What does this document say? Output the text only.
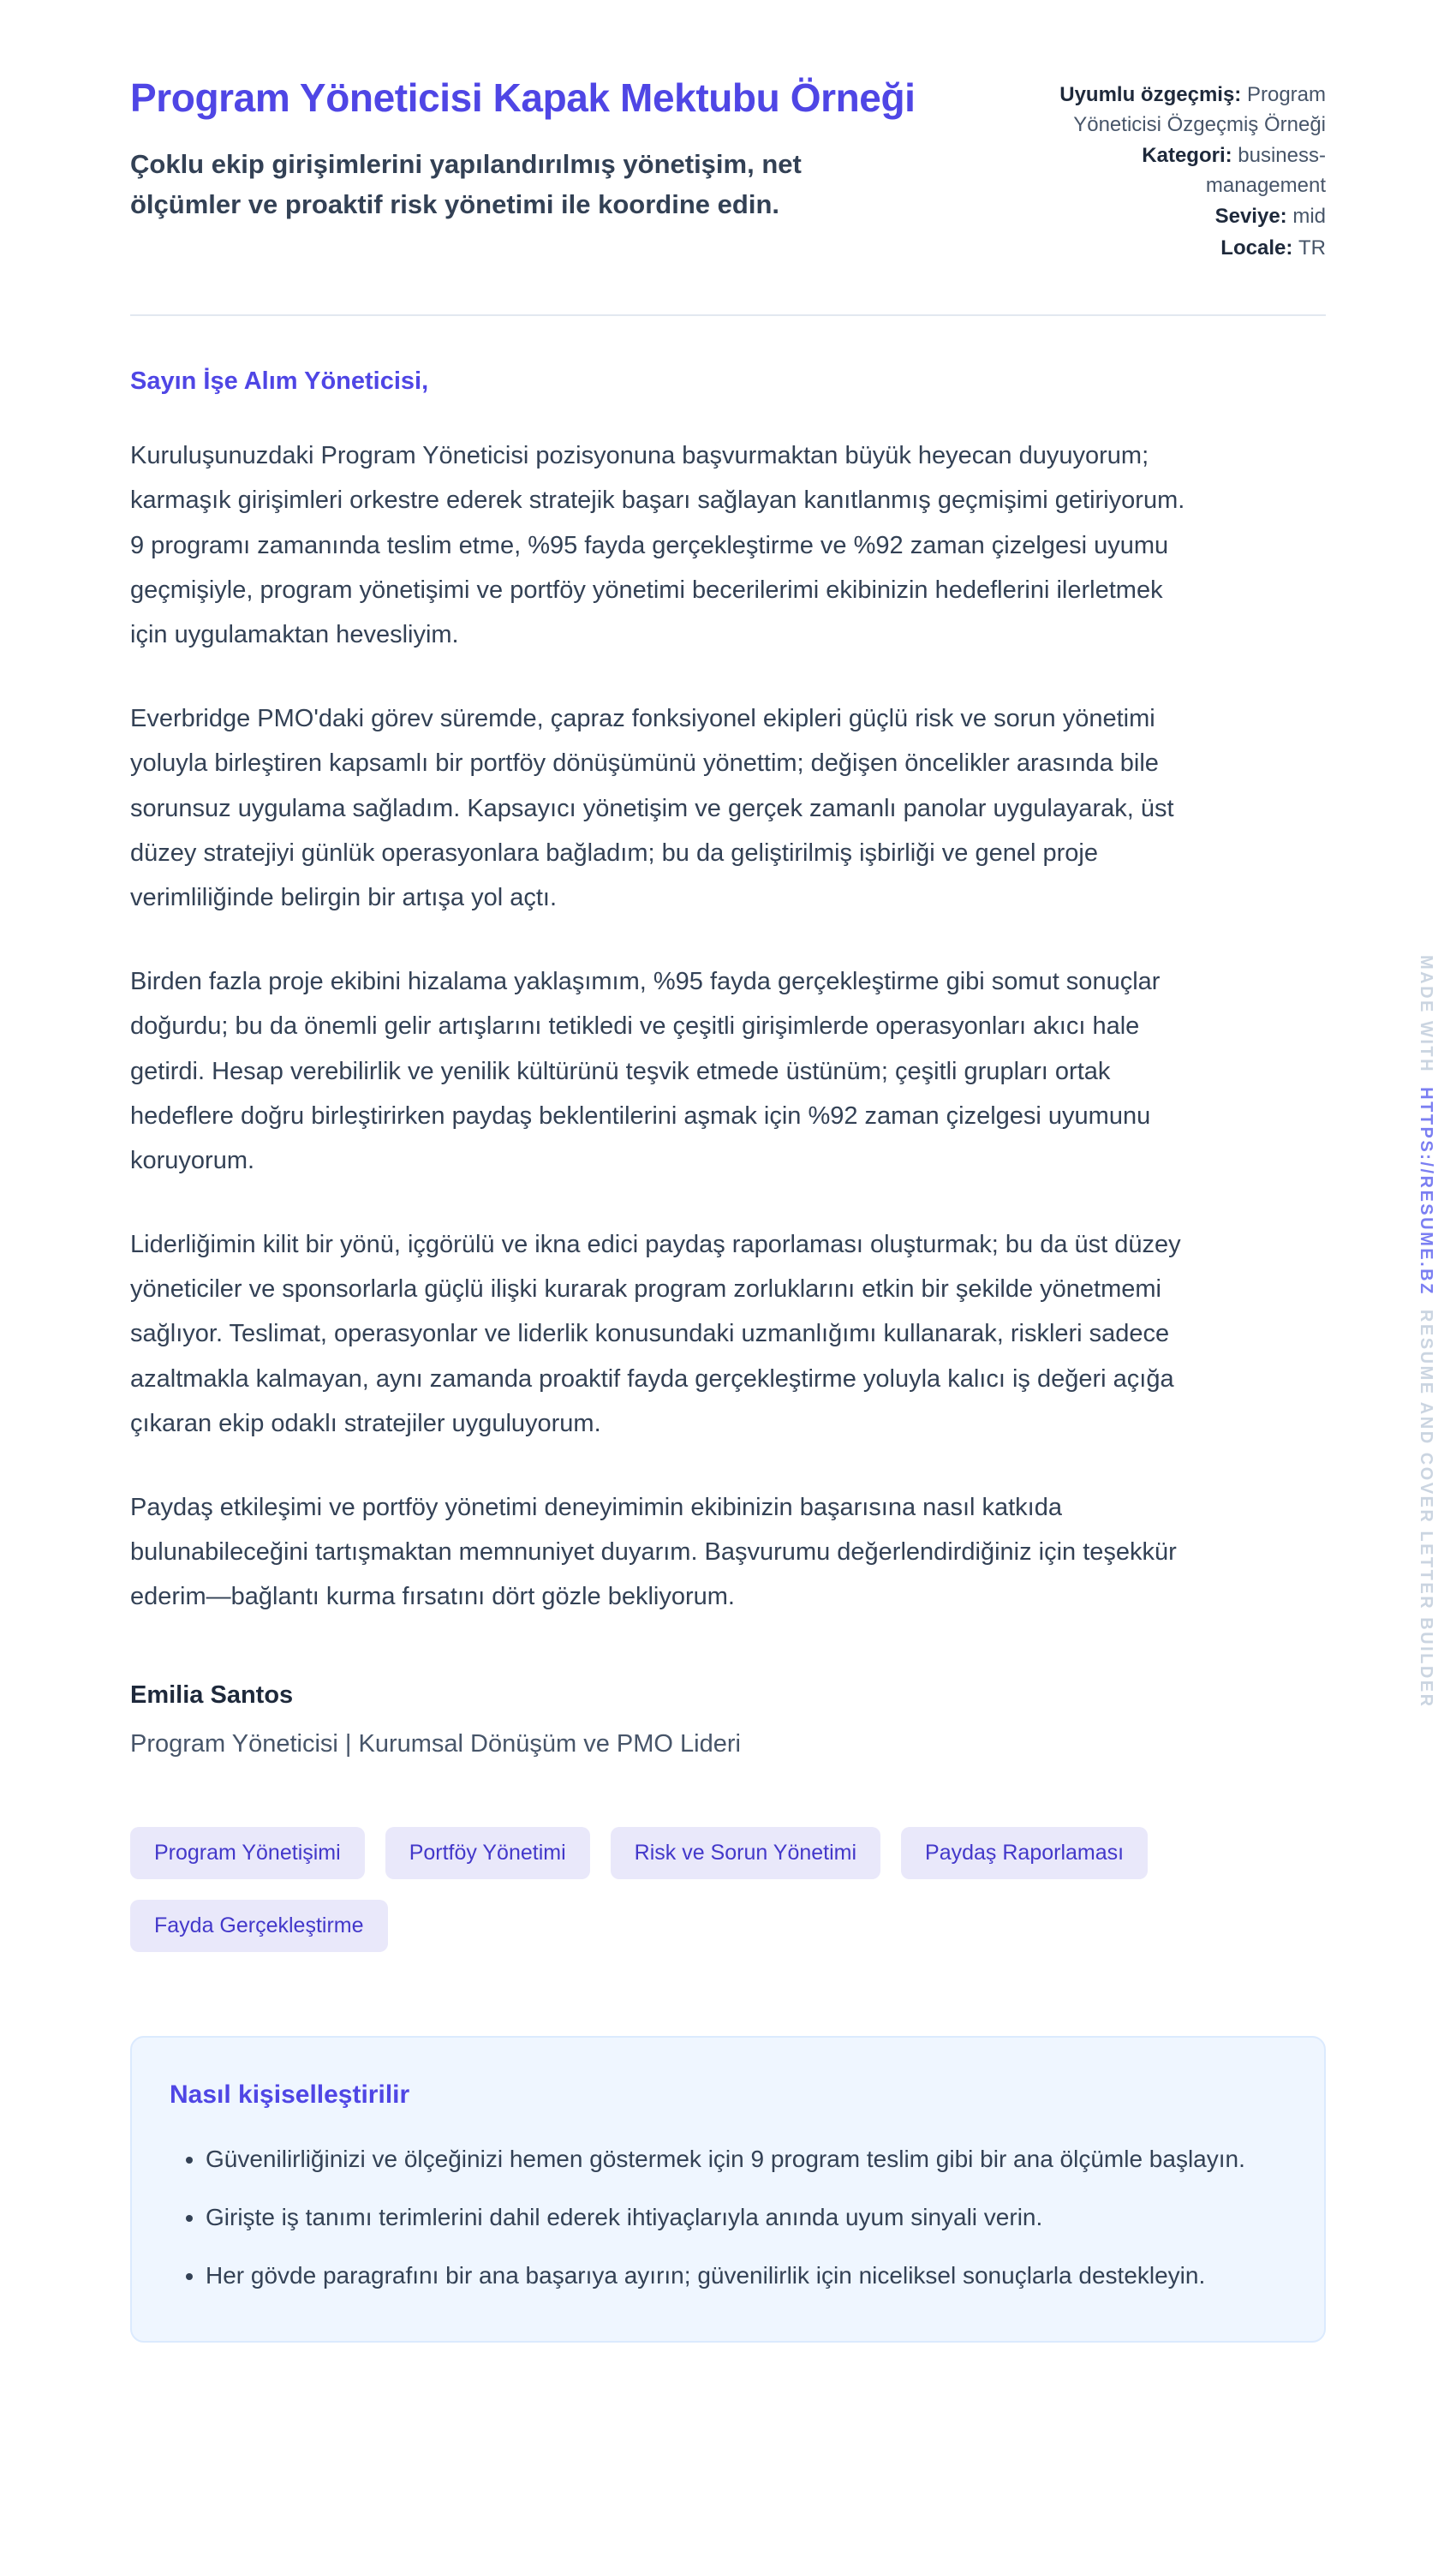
Program Yöneticisi Kapak Mektubu Örneği

Çoklu ekip girişimlerini yapılandırılmış yönetişim, net ölçümler ve proaktif risk yönetimi ile koordine edin.

Uyumlu özgeçmiş: Program Yöneticisi Özgeçmiş Örneği
Kategori: business-management
Seviye: mid
Locale: TR

Sayın İşe Alım Yöneticisi,

Kuruluşunuzdaki Program Yöneticisi pozisyonuna başvurmaktan büyük heyecan duyuyorum; karmaşık girişimleri orkestre ederek stratejik başarı sağlayan kanıtlanmış geçmişimi getiriyorum. 9 programı zamanında teslim etme, %95 fayda gerçekleştirme ve %92 zaman çizelgesi uyumu geçmişiyle, program yönetişimi ve portföy yönetimi becerilerimi ekibinizin hedeflerini ilerletmek için uygulamaktan hevesliyim.

Everbridge PMO'daki görev süremde, çapraz fonksiyonel ekipleri güçlü risk ve sorun yönetimi yoluyla birleştiren kapsamlı bir portföy dönüşümünü yönettim; değişen öncelikler arasında bile sorunsuz uygulama sağladım. Kapsayıcı yönetişim ve gerçek zamanlı panolar uygulayarak, üst düzey stratejiyi günlük operasyonlara bağladım; bu da geliştirilmiş işbirliği ve genel proje verimliliğinde belirgin bir artışa yol açtı.

Birden fazla proje ekibini hizalama yaklaşımım, %95 fayda gerçekleştirme gibi somut sonuçlar doğurdu; bu da önemli gelir artışlarını tetikledi ve çeşitli girişimlerde operasyonları akıcı hale getirdi. Hesap verebilirlik ve yenilik kültürünü teşvik etmede üstünüm; çeşitli grupları ortak hedeflere doğru birleştirirken paydaş beklentilerini aşmak için %92 zaman çizelgesi uyumunu koruyorum.

Liderliğimin kilit bir yönü, içgörülü ve ikna edici paydaş raporlaması oluşturmak; bu da üst düzey yöneticiler ve sponsorlarla güçlü ilişki kurarak program zorluklarını etkin bir şekilde yönetmemi sağlıyor. Teslimat, operasyonlar ve liderlik konusundaki uzmanlığımı kullanarak, riskleri sadece azaltmakla kalmayan, aynı zamanda proaktif fayda gerçekleştirme yoluyla kalıcı iş değeri açığa çıkaran ekip odaklı stratejiler uyguluyorum.

Paydaş etkileşimi ve portföy yönetimi deneyimimin ekibinizin başarısına nasıl katkıda bulunabileceğini tartışmaktan memnuniyet duyarım. Başvurumu değerlendirdiğiniz için teşekkür ederim—bağlantı kurma fırsatını dört gözle bekliyorum.

Emilia Santos

Program Yöneticisi | Kurumsal Dönüşüm ve PMO Lideri

Program Yönetişimi	Portföy Yönetimi	Risk ve Sorun Yönetimi	Paydaş Raporlaması
Fayda Gerçekleştirme
Nasıl kişiselleştirilir
• Güvenilirliğinizi ve ölçeğinizi hemen göstermek için 9 program teslim gibi bir ana ölçümle başlayın.
• Girişte iş tanımı terimlerini dahil ederek ihtiyaçlarıyla anında uyum sinyali verin.
• Her gövde paragrafını bir ana başarıya ayırın; güvenilirlik için niceliksel sonuçlarla destekleyin.
MADE WITH  HTTPS://RESUME.BZ  RESUME AND COVER LETTER BUILDER
